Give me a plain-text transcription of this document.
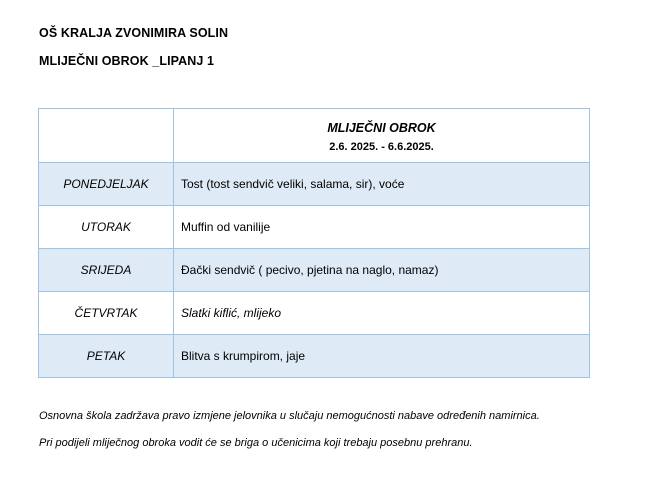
OŠ KRALJA ZVONIMIRA SOLIN
MLIJEČNI OBROK _LIPANJ 1

	MLIJEČNI OBROK
2.6. 2025. - 6.6.2025.

PONEDJELJAK	Tost (tost sendvič veliki, salama, sir), voće
UTORAK	Muffin od vanilije
SRIJEDA	Đački sendvič ( pecivo, pjetina na naglo, namaz)
ČETVRTAK	Slatki kiflić, mlijeko
PETAK	Blitva s krumpirom, jaje
Osnovna škola zadržava pravo izmjene jelovnika u slučaju nemogućnosti nabave određenih namirnica.
Pri podijeli mliječnog obroka vodit će se briga o učenicima koji trebaju posebnu prehranu.
